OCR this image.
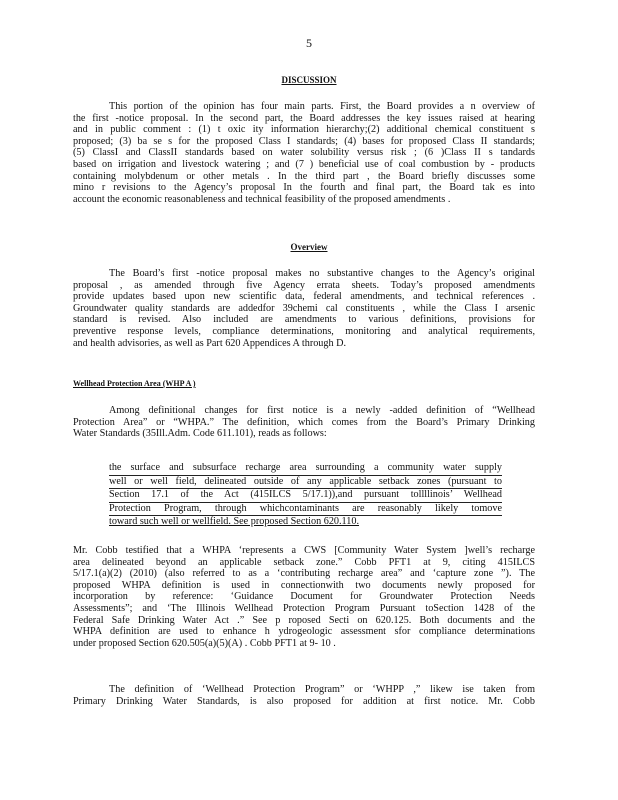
5
DISCUSSION
This portion of the opinion has four main parts. First, the Board provides a n overview of
the first -notice proposal. In the second part, the Board addresses the key issues raised at hearing
and in public comment : (1) t oxic ity information hierarchy;(2) additional chemical constituent s
proposed; (3) ba se s for the proposed Class I standards; (4) bases for proposed Class II standards;
(5) ClassI and ClassII standards based on water solubility versus risk ; (6 )Class II s tandards
based on irrigation and livestock watering ; and (7 ) beneficial use of coal combustion by - products
containing molybdenum or other metals . In the third part , the Board briefly discusses some
mino r revisions to the Agency’s proposal In the fourth and final part, the Board tak es into
account the economic reasonableness and technical feasibility of the proposed amendments .
Overview
The Board’s first -notice proposal makes no substantive changes to the Agency’s original
proposal , as amended through five Agency errata sheets. Today’s proposed amendments
provide updates based upon new scientific data, federal amendments, and technical references .
Groundwater quality standards are addedfor 39chemi cal constituents , while the Class I arsenic
standard is revised. Also included are amendments to various definitions, provisions for
preventive response levels, compliance determinations, monitoring and analytical requirements,
and health advisories, as well as Part 620 Appendices A through D.
Wellhead Protection Area (WHP A )
Among definitional changes for first notice is a newly -added definition of “Wellhead
Protection Area” or “WHPA.” The definition, which comes from the Board’s Primary Drinking
Water Standards (35Ill.Adm. Code 611.101), reads as follows:
the surface and subsurface recharge area surrounding a community water supply
well or well field, delineated outside of any applicable setback zones (pursuant to
Section 17.1 of the Act (415ILCS 5/17.1)),and pursuant tollllinois’ Wellhead
Protection Program, through whichcontaminants are reasonably likely tomove
toward such well or wellfield. See proposed Section 620.110.
Mr. Cobb testified that a WHPA ‘represents a CWS [Community Water System ]well’s recharge
area delineated beyond an applicable setback zone.” Cobb PFT1 at 9, citing 415ILCS
5/17.1(a)(2) (2010) (also referred to as a ‘contributing recharge area” and ‘capture zone ”). The
proposed WHPA definition is used in connectionwith two documents newly proposed for
incorporation by reference: ‘Guidance Document for Groundwater Protection Needs
Assessments”; and ‘The Illinois Wellhead Protection Program Pursuant toSection 1428 of the
Federal Safe Drinking Water Act .” See p roposed Secti on 620.125. Both documents and the
WHPA definition are used to enhance h ydrogeologic assessment sfor compliance determinations
under proposed Section 620.505(a)(5)(A) . Cobb PFT1 at 9- 10 .
The definition of ‘Wellhead Protection Program” or ‘WHPP ,” likew ise taken from
Primary Drinking Water Standards, is also proposed for addition at first notice. Mr. Cobb
